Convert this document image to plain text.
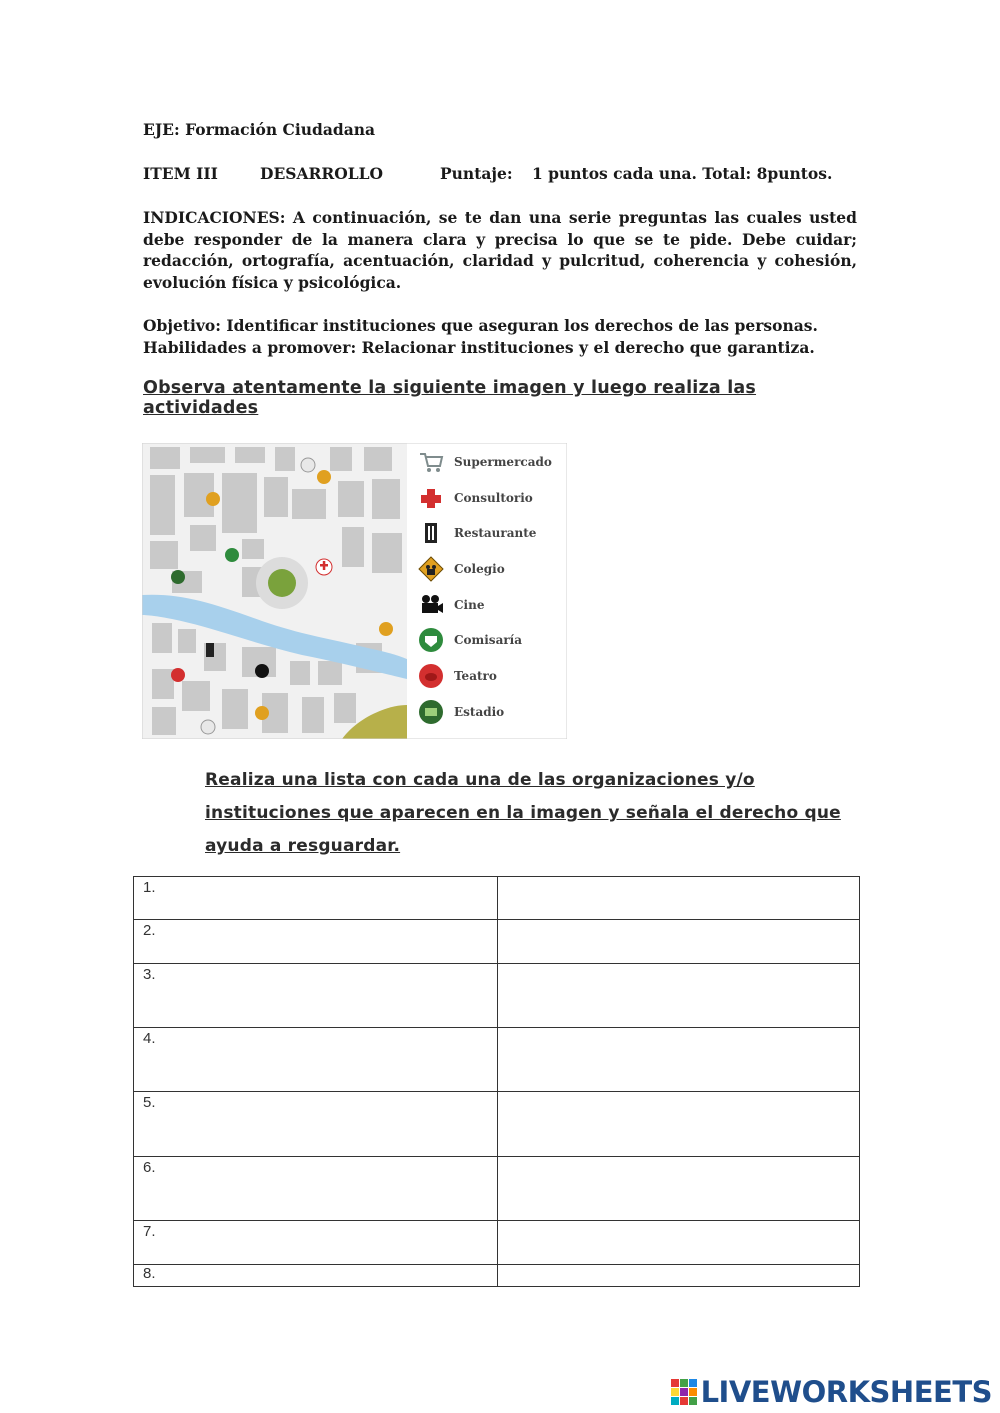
EJE: Formación Ciudadana
ITEM III	DESARROLLO	Puntaje: 1 puntos cada una. Total: 8puntos.
INDICACIONES: A continuación, se te dan una serie preguntas las cuales usted debe responder de la manera clara y precisa lo que se te pide. Debe cuidar; redacción, ortografía, acentuación, claridad y pulcritud, coherencia y cohesión, evolución física y psicológica.
Objetivo: Identificar instituciones que aseguran los derechos de las personas.
Habilidades a promover: Relacionar instituciones y el derecho que garantiza.
Observa atentamente la siguiente imagen y luego realiza las actividades
Supermercado
Consultorio
Restaurante
Colegio
Cine
Comisaría
Teatro
Estadio
Realiza una lista con cada una de las organizaciones y/o instituciones que aparecen en la imagen y señala el derecho que ayuda a resguardar.
1.	
2.	
3.	
4.	
5.	
6.	
7.	
8.	
LIVEWORKSHEETS
